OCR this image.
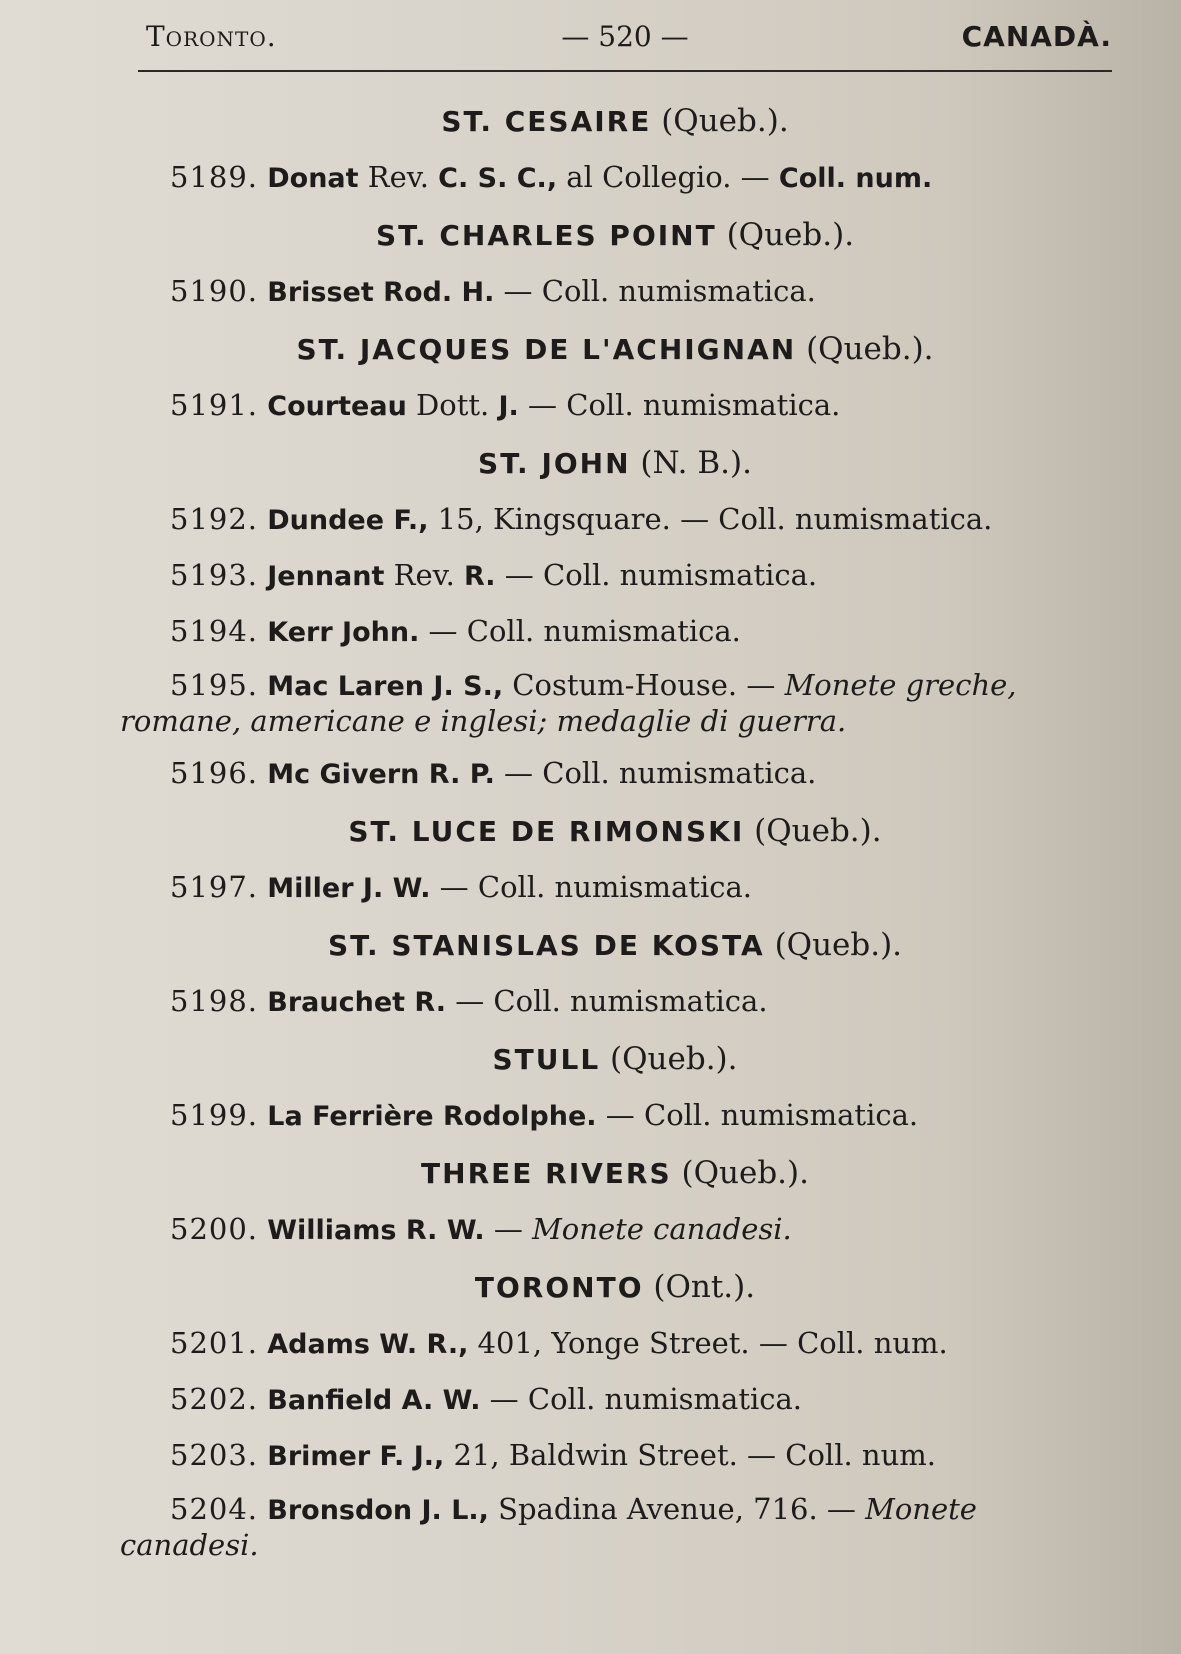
Toronto.	— 520 —	CANADÀ.
ST. CESAIRE (Queb.).
5189. Donat Rev. C. S. C., al Collegio. — Coll. num.
ST. CHARLES POINT (Queb.).
5190. Brisset Rod. H. — Coll. numismatica.
ST. JACQUES DE L'ACHIGNAN (Queb.).
5191. Courteau Dott. J. — Coll. numismatica.
ST. JOHN (N. B.).
5192. Dundee F., 15, Kingsquare. — Coll. numismatica.
5193. Jennant Rev. R. — Coll. numismatica.
5194. Kerr John. — Coll. numismatica.
5195. Mac Laren J. S., Costum-House. — Monete greche, romane, americane e inglesi; medaglie di guerra.
5196. Mc Givern R. P. — Coll. numismatica.
ST. LUCE DE RIMONSKI (Queb.).
5197. Miller J. W. — Coll. numismatica.
ST. STANISLAS DE KOSTA (Queb.).
5198. Brauchet R. — Coll. numismatica.
STULL (Queb.).
5199. La Ferrière Rodolphe. — Coll. numismatica.
THREE RIVERS (Queb.).
5200. Williams R. W. — Monete canadesi.
TORONTO (Ont.).
5201. Adams W. R., 401, Yonge Street. — Coll. num.
5202. Banfield A. W. — Coll. numismatica.
5203. Brimer F. J., 21, Baldwin Street. — Coll. num.
5204. Bronsdon J. L., Spadina Avenue, 716. — Monete canadesi.
